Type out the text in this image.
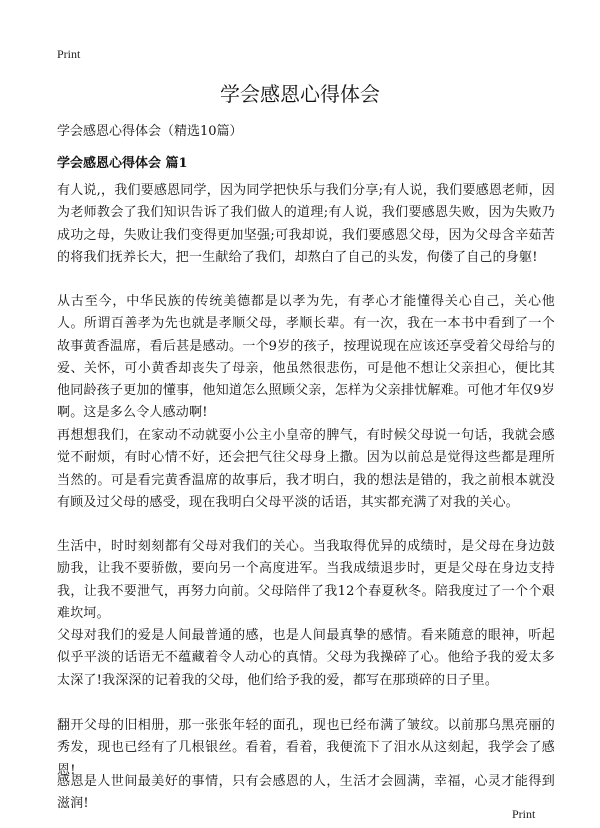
Print
学会感恩心得体会

学会感恩心得体会（精选10篇）

学会感恩心得体会 篇1

有人说,，我们要感恩同学，因为同学把快乐与我们分享;有人说，我们要感恩老师，因为老师教会了我们知识告诉了我们做人的道理;有人说，我们要感恩失败，因为失败乃成功之母，失败让我们变得更加坚强;可我却说，我们要感恩父母，因为父母含辛茹苦的将我们抚养长大，把一生献给了我们，却熬白了自己的头发，佝偻了自己的身躯!

从古至今，中华民族的传统美德都是以孝为先，有孝心才能懂得关心自己，关心他人。所谓百善孝为先也就是孝顺父母，孝顺长辈。有一次，我在一本书中看到了一个故事黄香温席，看后甚是感动。一个9岁的孩子，按理说现在应该还享受着父母给与的爱、关怀，可小黄香却丧失了母亲，他虽然很悲伤，可是他不想让父亲担心，便比其他同龄孩子更加的懂事，他知道怎么照顾父亲，怎样为父亲排忧解难。可他才年仅9岁啊。这是多么令人感动啊!

再想想我们，在家动不动就耍小公主小皇帝的脾气，有时候父母说一句话，我就会感觉不耐烦，有时心情不好，还会把气往父母身上撒。因为以前总是觉得这些都是理所当然的。可是看完黄香温席的故事后，我才明白，我的想法是错的，我之前根本就没有顾及过父母的感受，现在我明白父母平淡的话语，其实都充满了对我的关心。

生活中，时时刻刻都有父母对我们的关心。当我取得优异的成绩时，是父母在身边鼓励我，让我不要骄傲，要向另一个高度进军。当我成绩退步时，更是父母在身边支持我，让我不要泄气，再努力向前。父母陪伴了我12个春夏秋冬。陪我度过了一个个艰难坎坷。

父母对我们的爱是人间最普通的感，也是人间最真挚的感情。看来随意的眼神，听起似乎平淡的话语无不蕴藏着令人动心的真情。父母为我操碎了心。他给予我的爱太多太深了!我深深的记着我的父母，他们给予我的爱，都写在那琐碎的日子里。

翻开父母的旧相册，那一张张年轻的面孔，现也已经布满了皱纹。以前那乌黑亮丽的秀发，现也已经有了几根银丝。看着，看着，我便流下了泪水从这刻起，我学会了感恩!

感恩是人世间最美好的事情，只有会感恩的人，生活才会圆满，幸福，心灵才能得到滋润!

Print
